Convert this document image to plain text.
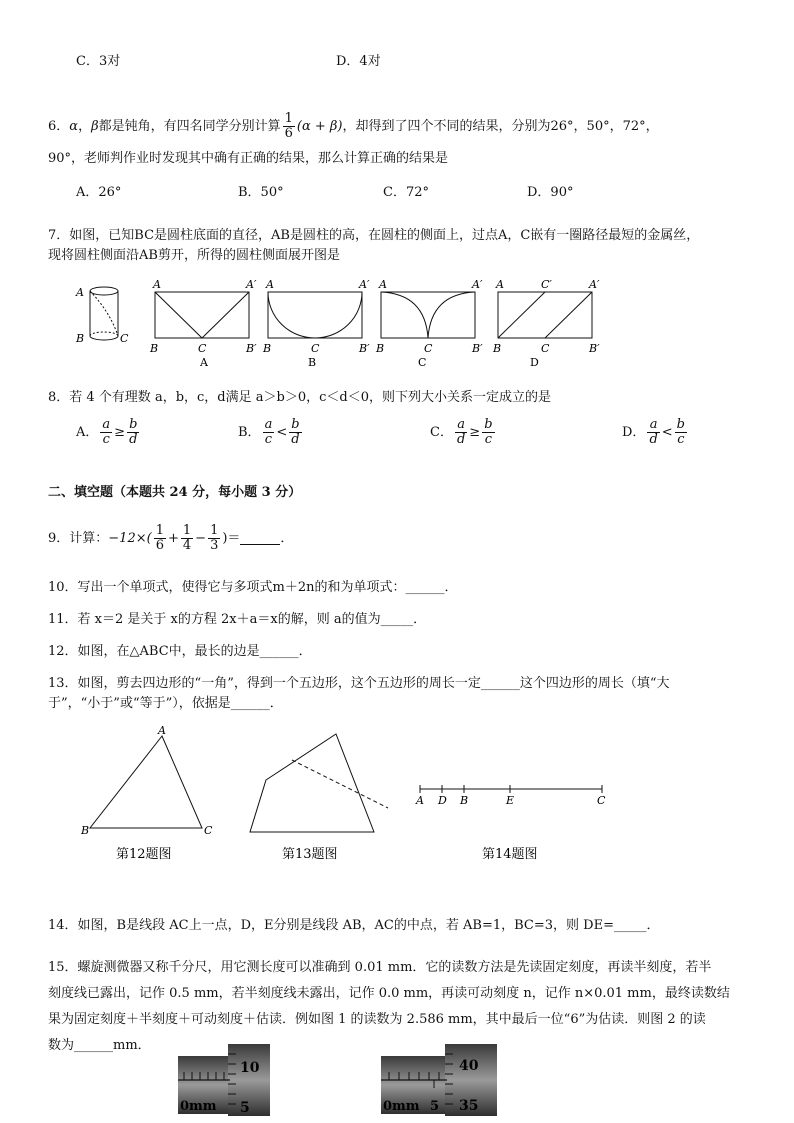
C．3对	D．4对
6．α，β都是钝角，有四名同学分别计算 $\frac{1}{6} (\alpha + \beta)$，却得到了四个不同的结果，分别为26°，50°，72°，
90°，老师判作业时发现其中确有正确的结果，那么计算正确的结果是
A．26°	B．50°	C．72°	D．90°
7．如图，已知BC是圆柱底面的直径，AB是圆柱的高，在圆柱的侧面上，过点A，C嵌有一圈路径最短的金属丝，
现将圆柱侧面沿AB剪开，所得的圆柱侧面展开图是
A
B	C
A	A′
B	C	B′
A
A	A′
B	C	B′
B
A	A′
B	C	B′
C
A	C′	A′
B	C	B′
D
8．若 4 个有理数 a，b，c，d满足 a＞b＞0，c＜d＜0，则下列大小关系一定成立的是
A． $\frac{a}{c} \ge \frac{b}{d}$	B． $\frac{a}{c} < \frac{b}{d}$	C． $\frac{a}{d} \ge \frac{b}{c}$	D． $\frac{a}{d} < \frac{b}{c}$
二、填空题（本题共 24 分，每小题 3 分）
9．计算：$-12\times( \frac{1}{6} + \frac{1}{4} - \frac{1}{3}$ )＝	．
10．写出一个单项式，使得它与多项式m＋2n的和为单项式：______．
11．若 x＝2 是关于 x的方程 2x＋a＝x的解，则 a的值为_____．
12．如图，在△ABC中，最长的边是______．
13．如图，剪去四边形的“一角”，得到一个五边形，这个五边形的周长一定______这个四边形的周长（填“大
于”，“小于”或“等于”），依据是______．
A
B	C
第12题图	第13题图
A D B	E	C
第14题图
14．如图，B是线段 AC上一点，D，E分别是线段 AB，AC的中点，若 AB=1，BC=3，则 DE=_____．
15．螺旋测微器又称千分尺，用它测长度可以准确到 0.01 mm．它的读数方法是先读固定刻度，再读半刻度，若半
刻度线已露出，记作 0.5 mm，若半刻度线未露出，记作 0.0 mm，再读可动刻度 n，记作 n×0.01 mm，最终读数结
果为固定刻度＋半刻度＋可动刻度＋估读．例如图 1 的读数为 2.586 mm，其中最后一位“6”为估读．则图 2 的读
数为______mm．
10
5
0mm
40
35
0mm 5
